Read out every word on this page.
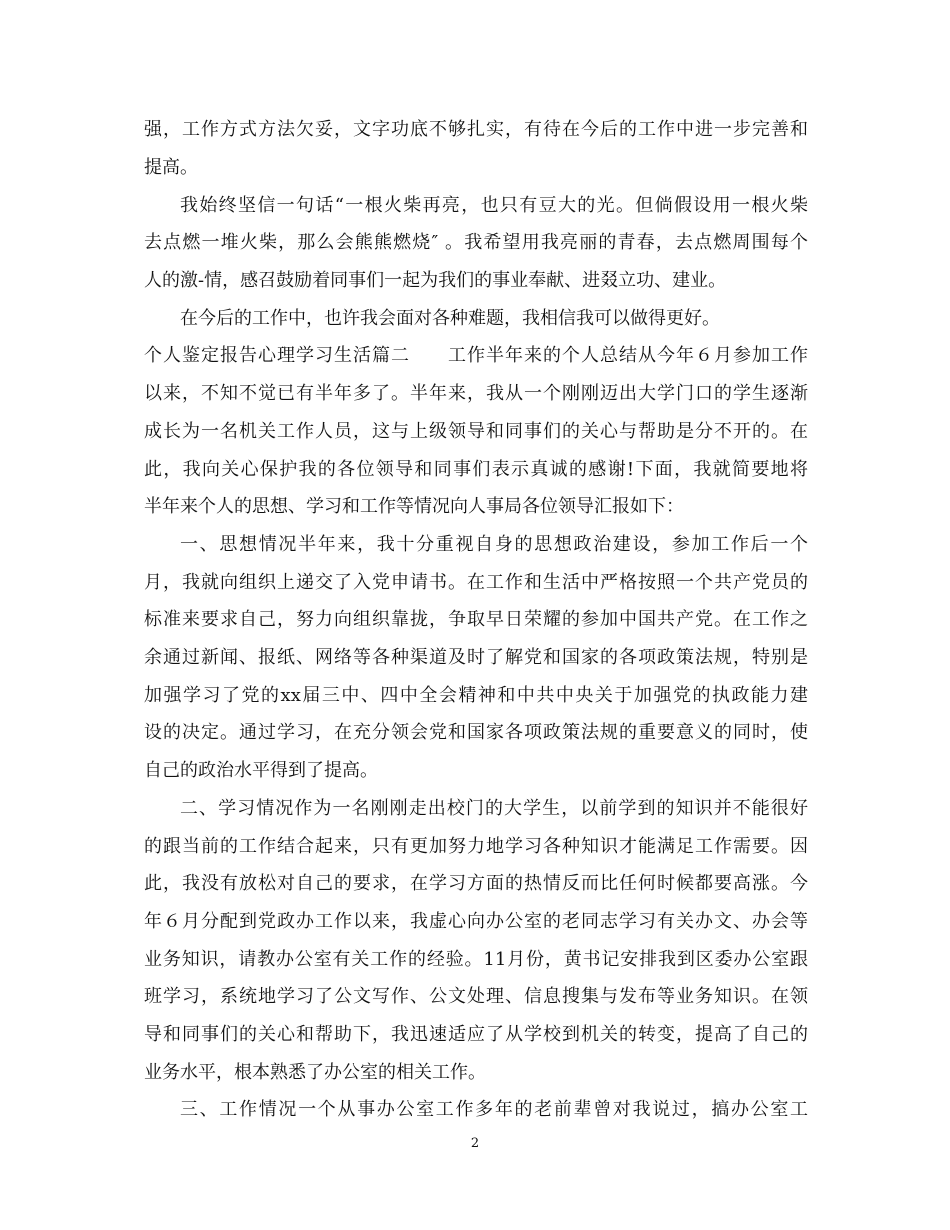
强，工作方式方法欠妥，文字功底不够扎实，有待在今后的工作中进一步完善和
提高。
我始终坚信一句话“一根火柴再亮，也只有豆大的光。但倘假设用一根火柴
去点燃一堆火柴，那么会熊熊燃烧″ 。我希望用我亮丽的青春，去点燃周围每个
人的激-情，感召鼓励着同事们一起为我们的事业奉献、进叕立功、建业。
在今后的工作中，也许我会面对各种难题，我相信我可以做得更好。
个人鉴定报告心理学习生活篇二　　工作半年来的个人总结从今年６月参加工作
以来，不知不觉已有半年多了。半年来，我从一个刚刚迈出大学门口的学生逐渐
成长为一名机关工作人员，这与上级领导和同事们的关心与帮助是分不开的。在
此，我向关心保护我的各位领导和同事们表示真诚的感谢!下面，我就简要地将
半年来个人的思想、学习和工作等情况向人事局各位领导汇报如下：
一、思想情况半年来，我十分重视自身的思想政治建设，参加工作后一个
月，我就向组织上递交了入党申请书。在工作和生活中严格按照一个共产党员的
标准来要求自己，努力向组织靠拢，争取早日荣耀的参加中国共产党。在工作之
余通过新闻、报纸、网络等各种渠道及时了解党和国家的各项政策法规，特别是
加强学习了党的xx届三中、四中全会精神和中共中央关于加强党的执政能力建
设的决定。通过学习，在充分领会党和国家各项政策法规的重要意义的同时，使
自己的政治水平得到了提高。
二、学习情况作为一名刚刚走出校门的大学生，以前学到的知识并不能很好
的跟当前的工作结合起来，只有更加努力地学习各种知识才能满足工作需要。因
此，我没有放松对自己的要求，在学习方面的热情反而比任何时候都要高涨。今
年６月分配到党政办工作以来，我虚心向办公室的老同志学习有关办文、办会等
业务知识，请教办公室有关工作的经验。11月份，黄书记安排我到区委办公室跟
班学习，系统地学习了公文写作、公文处理、信息搜集与发布等业务知识。在领
导和同事们的关心和帮助下，我迅速适应了从学校到机关的转变，提高了自己的
业务水平，根本熟悉了办公室的相关工作。
三、工作情况一个从事办公室工作多年的老前辈曾对我说过，搞办公室工
2
